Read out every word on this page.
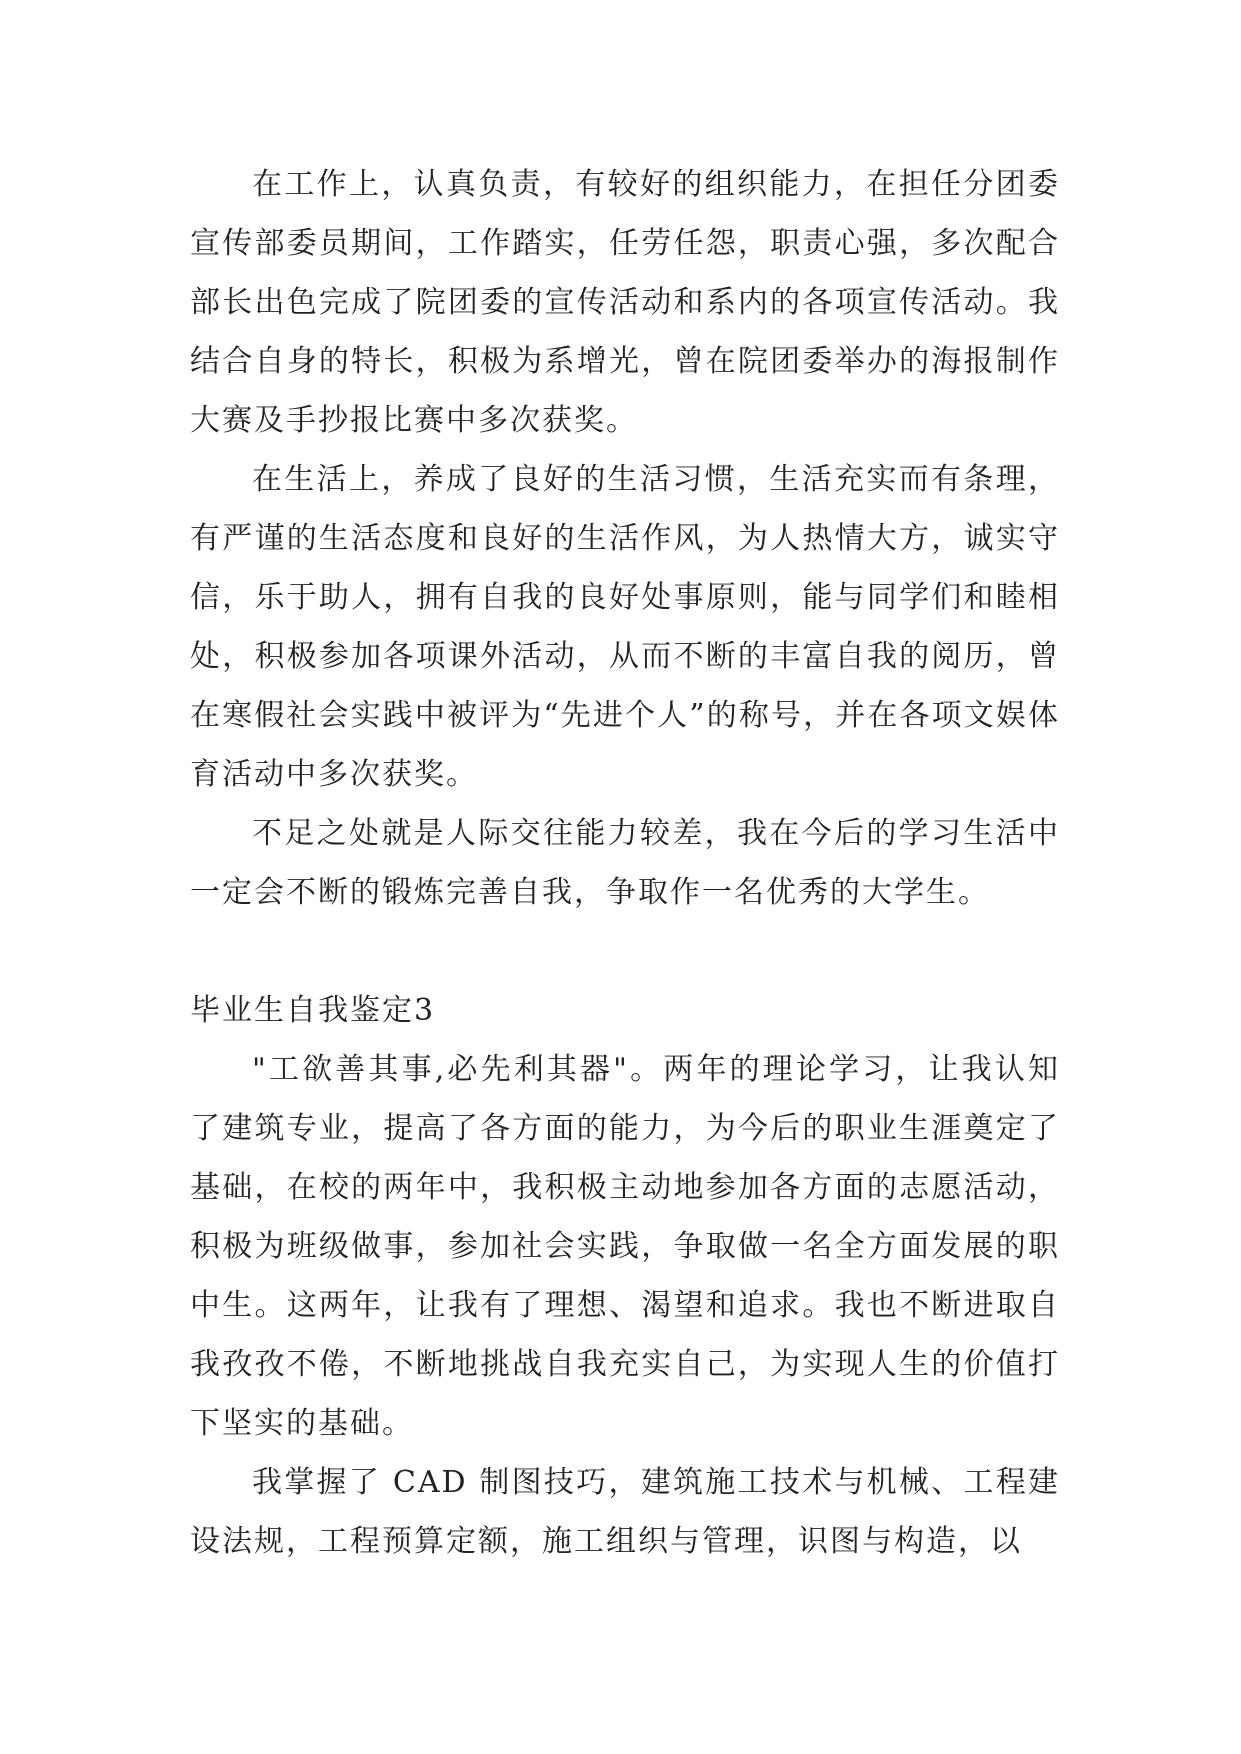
在工作上，认真负责，有较好的组织能力，在担任分团委宣传部委员期间，工作踏实，任劳任怨，职责心强，多次配合部长出色完成了院团委的宣传活动和系内的各项宣传活动。我结合自身的特长，积极为系增光，曾在院团委举办的海报制作大赛及手抄报比赛中多次获奖。

在生活上，养成了良好的生活习惯，生活充实而有条理，有严谨的生活态度和良好的生活作风，为人热情大方，诚实守信，乐于助人，拥有自我的良好处事原则，能与同学们和睦相处，积极参加各项课外活动，从而不断的丰富自我的阅历，曾在寒假社会实践中被评为“先进个人”的称号，并在各项文娱体育活动中多次获奖。

不足之处就是人际交往能力较差，我在今后的学习生活中一定会不断的锻炼完善自我，争取作一名优秀的大学生。

毕业生自我鉴定3

"工欲善其事,必先利其器"。两年的理论学习，让我认知了建筑专业，提高了各方面的能力，为今后的职业生涯奠定了基础，在校的两年中，我积极主动地参加各方面的志愿活动，积极为班级做事，参加社会实践，争取做一名全方面发展的职中生。这两年，让我有了理想、渴望和追求。我也不断进取自我孜孜不倦，不断地挑战自我充实自己，为实现人生的价值打下坚实的基础。

我掌握了 CAD 制图技巧，建筑施工技术与机械、工程建设法规，工程预算定额，施工组织与管理，识图与构造，以
